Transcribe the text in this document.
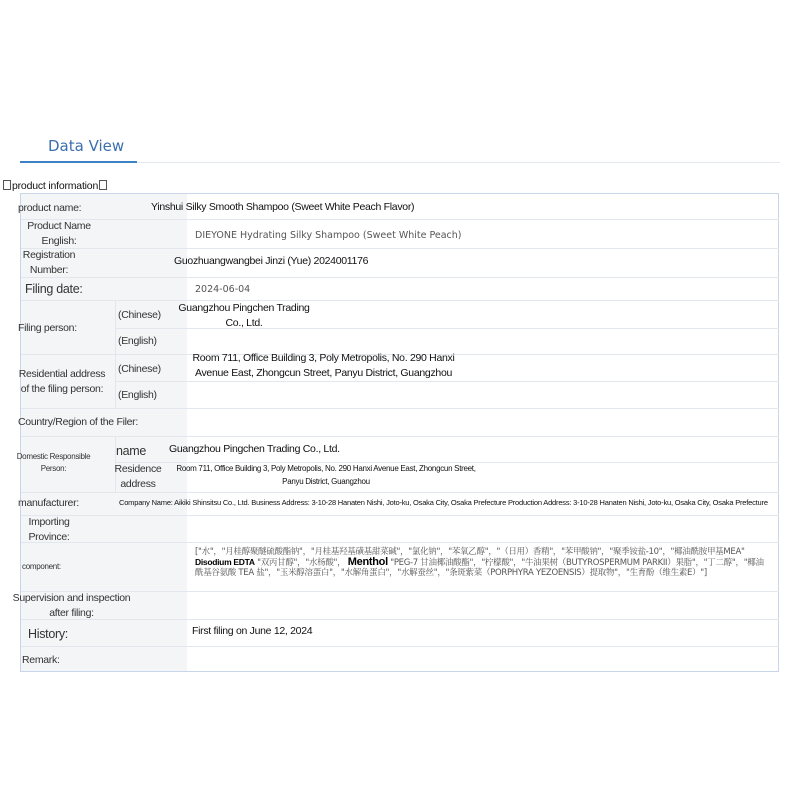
Data View
product information
product name:
Product Name English:
Registration Number:
Filing date:
Filing person:
(Chinese)
(English)
Residential address of the filing person:
(Chinese)
(English)
Country/Region of the Filer:
Domestic Responsible Person:
name
Residence address
manufacturer:
Importing Province:
component:
Supervision and inspection after filing:
History:
Remark:
Yinshui Silky Smooth Shampoo (Sweet White Peach Flavor)
DIEYONE Hydrating Silky Shampoo (Sweet White Peach)
Guozhuangwangbei Jinzi (Yue) 2024001176
2024-06-04
Guangzhou Pingchen Trading Co., Ltd.
Room 711, Office Building 3, Poly Metropolis, No. 290 Hanxi Avenue East, Zhongcun Street, Panyu District, Guangzhou
Guangzhou Pingchen Trading Co., Ltd.
Room 711, Office Building 3, Poly Metropolis, No. 290 Hanxi Avenue East, Zhongcun Street, Panyu District, Guangzhou
Company Name: Aikiki Shinsitsu Co., Ltd. Business Address: 3-10-28 Hanaten Nishi, Joto-ku, Osaka City, Osaka Prefecture Production Address: 3-10-28 Hanaten Nishi, Joto-ku, Osaka City, Osaka Prefecture
["水"，"月桂醇聚醚硫酸酯钠"，"月桂基羟基磺基甜菜碱"，"氯化钠"，"苯氧乙醇"，"（日用）香精"，"苯甲酸钠"，"聚季铵盐-10"，"椰油酰胺甲基MEA" Disodium EDTA "双丙甘醇"，"水杨酸"， Menthol "PEG-7 甘油椰油酸酯"，"柠檬酸"，"牛油果树（BUTYROSPERMUM PARKII）果脂"，"丁二醇"，"椰油酰基谷氨酸 TEA 盐"，"玉米醇溶蛋白"，"水解角蛋白"，"水解蚕丝"，"条斑紫菜（PORPHYRA YEZOENSIS）提取物"，"生育酚（维生素E）"]
First filing on June 12, 2024
